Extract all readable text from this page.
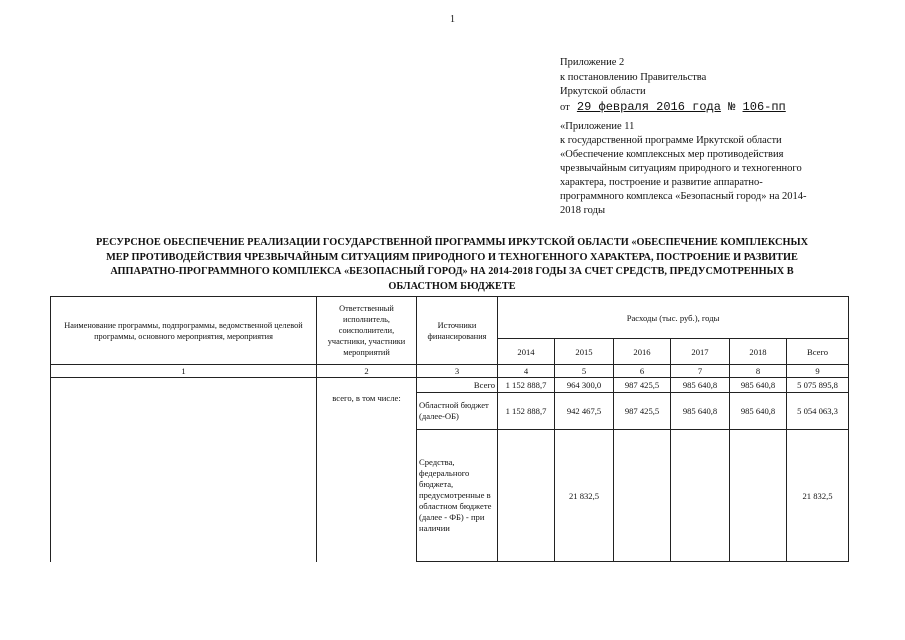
1
Приложение 2
к постановлению Правительства
Иркутской области
от 29 февраля 2016 года № 106-пп
«Приложение 11
к государственной программе Иркутской области
«Обеспечение комплексных мер противодействия
чрезвычайным ситуациям природного и техногенного
характера, построение и развитие аппаратно-
программного комплекса «Безопасный город» на 2014-
2018 годы
РЕСУРСНОЕ ОБЕСПЕЧЕНИЕ РЕАЛИЗАЦИИ ГОСУДАРСТВЕННОЙ ПРОГРАММЫ ИРКУТСКОЙ ОБЛАСТИ «ОБЕСПЕЧЕНИЕ КОМПЛЕКСНЫХ
МЕР ПРОТИВОДЕЙСТВИЯ ЧРЕЗВЫЧАЙНЫМ СИТУАЦИЯМ ПРИРОДНОГО И ТЕХНОГЕННОГО ХАРАКТЕРА, ПОСТРОЕНИЕ И РАЗВИТИЕ
АППАРАТНО-ПРОГРАММНОГО КОМПЛЕКСА «БЕЗОПАСНЫЙ ГОРОД» НА 2014-2018 ГОДЫ ЗА СЧЕТ СРЕДСТВ, ПРЕДУСМОТРЕННЫХ В
ОБЛАСТНОМ БЮДЖЕТЕ
Наименование программы, подпрограммы, ведомственной целевой программы, основного мероприятия, мероприятия	Ответственный исполнитель, соисполнители, участники, участники мероприятий	Источники финансирования	Расходы (тыс. руб.), годы					
			2014	2015	2016	2017	2018	Всего
1	2	3	4	5	6	7	8	9

	всего, в том числе:	Всего	1 152 888,7	964 300,0	987 425,5	985 640,8	985 640,8	5 075 895,8
		Областной бюджет (далее-ОБ)	1 152 888,7	942 467,5	987 425,5	985 640,8	985 640,8	5 054 063,3
		Средства, федерального бюджета, предусмотренные в областном бюджете (далее - ФБ) - при наличии		21 832,5				21 832,5
